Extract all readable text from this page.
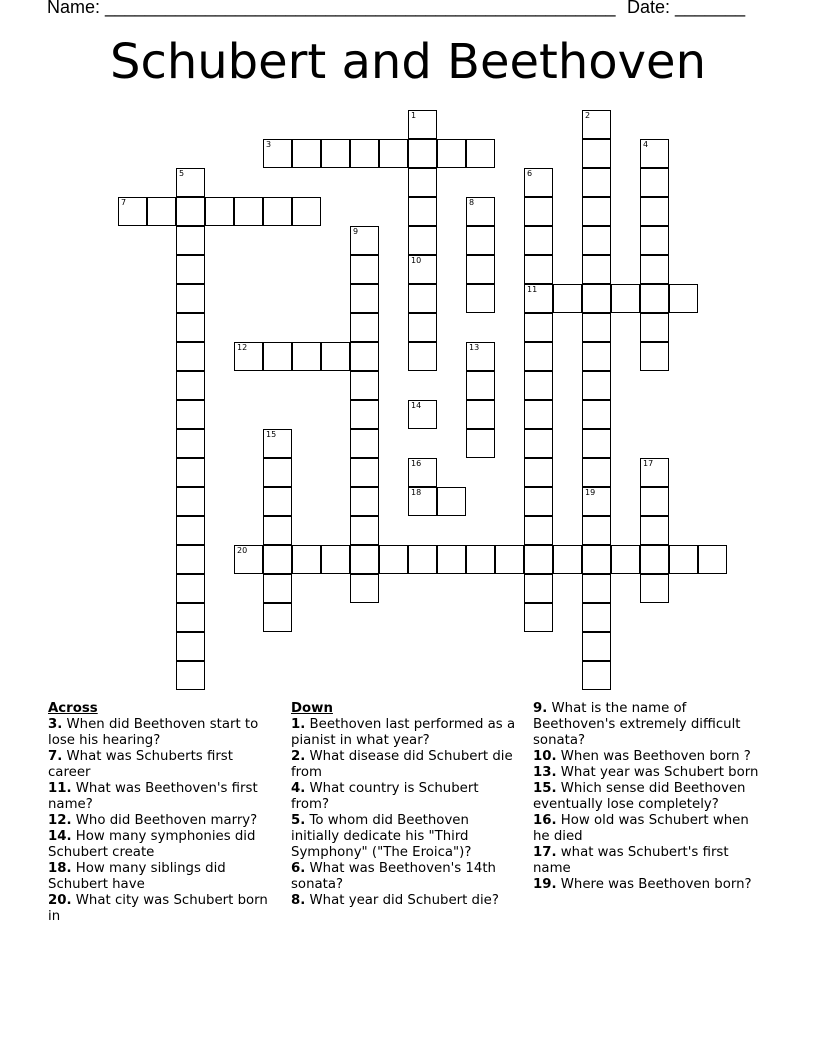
Name: ___________________________________________________ Date: _______
Schubert and Beethoven
1	2
3	4
5	6
11
7	8
9
10
12	13
14
15
16
18
17
19
20
Across
3. When did Beethoven start to lose his hearing?
7. What was Schuberts first career
11. What was Beethoven's first name?
12. Who did Beethoven marry?
14. How many symphonies did Schubert create
18. How many siblings did Schubert have
20. What city was Schubert born in
Down
1. Beethoven last performed as a pianist in what year?
2. What disease did Schubert die from
4. What country is Schubert from?
5. To whom did Beethoven initially dedicate his "Third Symphony" ("The Eroica")?
6. What was Beethoven's 14th sonata?
8. What year did Schubert die?
9. What is the name of Beethoven's extremely difficult sonata?
10. When was Beethoven born ?
13. What year was Schubert born
15. Which sense did Beethoven eventually lose completely?
16. How old was Schubert when he died
17. what was Schubert's first name
19. Where was Beethoven born?
